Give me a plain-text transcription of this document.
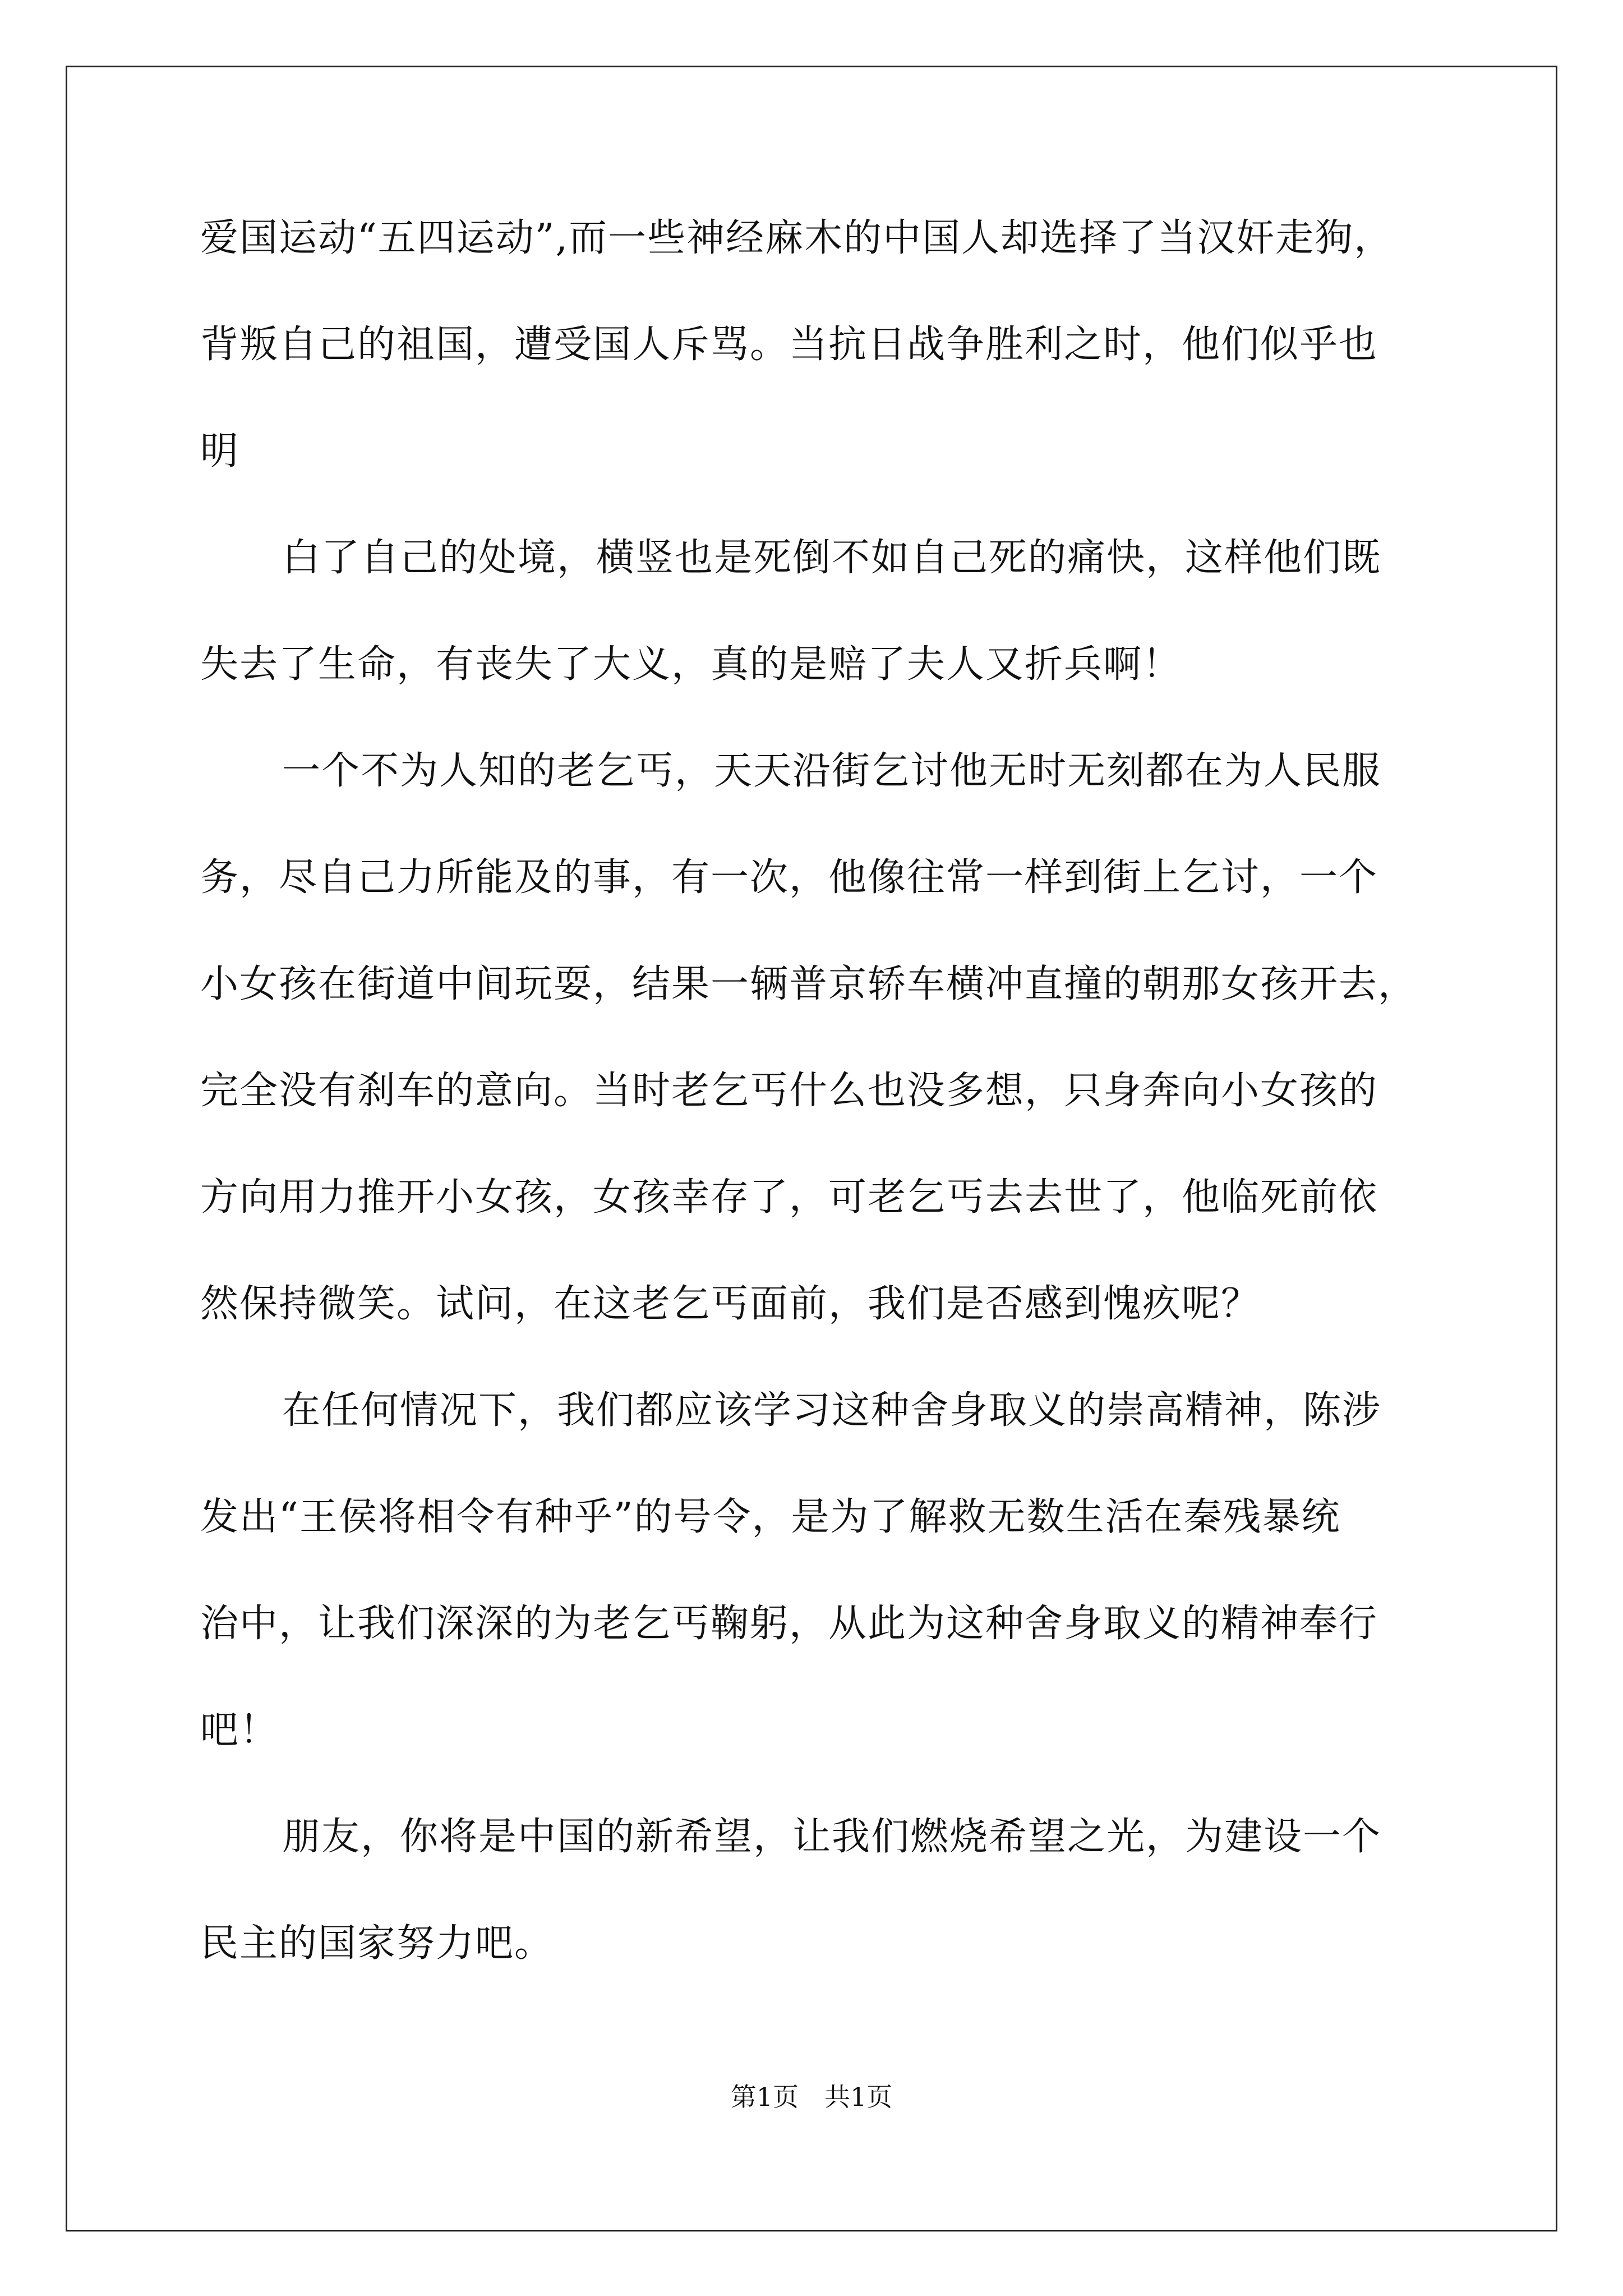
爱国运动“五四运动”,而一些神经麻木的中国人却选择了当汉奸走狗，
背叛自己的祖国，遭受国人斥骂。当抗日战争胜利之时，他们似乎也
明
白了自己的处境，横竖也是死倒不如自己死的痛快，这样他们既
失去了生命，有丧失了大义，真的是赔了夫人又折兵啊！
一个不为人知的老乞丐，天天沿街乞讨他无时无刻都在为人民服
务，尽自己力所能及的事，有一次，他像往常一样到街上乞讨，一个
小女孩在街道中间玩耍，结果一辆普京轿车横冲直撞的朝那女孩开去，
完全没有刹车的意向。当时老乞丐什么也没多想，只身奔向小女孩的
方向用力推开小女孩，女孩幸存了，可老乞丐去去世了，他临死前依
然保持微笑。试问，在这老乞丐面前，我们是否感到愧疚呢？
在任何情况下，我们都应该学习这种舍身取义的崇高精神，陈涉
发出“王侯将相令有种乎”的号令，是为了解救无数生活在秦残暴统
治中，让我们深深的为老乞丐鞠躬，从此为这种舍身取义的精神奉行
吧！
朋友，你将是中国的新希望，让我们燃烧希望之光，为建设一个
民主的国家努力吧。
第1页 共1页
